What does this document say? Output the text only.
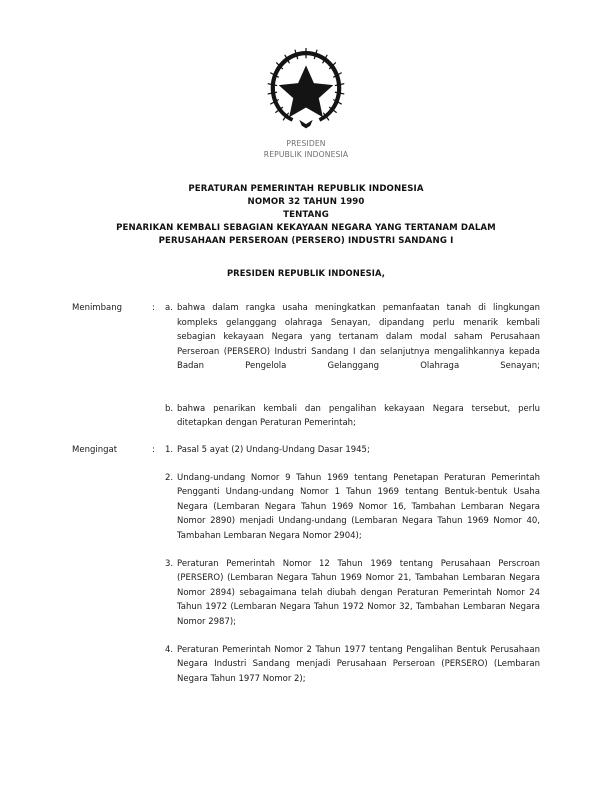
PRESIDEN
REPUBLIK INDONESIA
PERATURAN PEMERINTAH REPUBLIK INDONESIA
NOMOR 32 TAHUN 1990
TENTANG
PENARIKAN KEMBALI SEBAGIAN KEKAYAAN NEGARA YANG TERTANAM DALAM
PERUSAHAAN PERSEROAN (PERSERO) INDUSTRI SANDANG I
PRESIDEN REPUBLIK INDONESIA,
Menimbang	:	a. bahwa dalam rangka usaha meningkatkan pemanfaatan tanah di lingkungan kompleks gelanggang olahraga Senayan, dipandang perlu menarik kembali sebagian kekayaan Negara yang tertanam dalam modal saham Perusahaan Perseroan (PERSERO) Industri Sandang I dan selanjutnya mengalihkannya kepada Badan Pengelola Gelanggang Olahraga Senayan;
b. bahwa penarikan kembali dan pengalihan kekayaan Negara tersebut, perlu ditetapkan dengan Peraturan Pemerintah;
Mengingat	:	1. Pasal 5 ayat (2) Undang-Undang Dasar 1945;
2. Undang-undang Nomor 9 Tahun 1969 tentang Penetapan Peraturan Pemerintah Pengganti Undang-undang Nomor 1 Tahun 1969 tentang Bentuk-bentuk Usaha Negara (Lembaran Negara Tahun 1969 Nomor 16, Tambahan Lembaran Negara Nomor 2890) menjadi Undang-undang (Lembaran Negara Tahun 1969 Nomor 40, Tambahan Lembaran Negara Nomor 2904);
3. Peraturan Pemerintah Nomor 12 Tahun 1969 tentang Perusahaan Perscroan (PERSERO) (Lembaran Negara Tahun 1969 Nomor 21, Tambahan Lembaran Negara Nomor 2894) sebagaimana telah diubah dengan Peraturan Pemerintah Nomor 24 Tahun 1972 (Lembaran Negara Tahun 1972 Nomor 32, Tambahan Lembaran Negara Nomor 2987);
4. Peraturan Pemerintah Nomor 2 Tahun 1977 tentang Pengalihan Bentuk Perusahaan Negara Industri Sandang menjadi Perusahaan Perseroan (PERSERO) (Lembaran Negara Tahun 1977 Nomor 2);
